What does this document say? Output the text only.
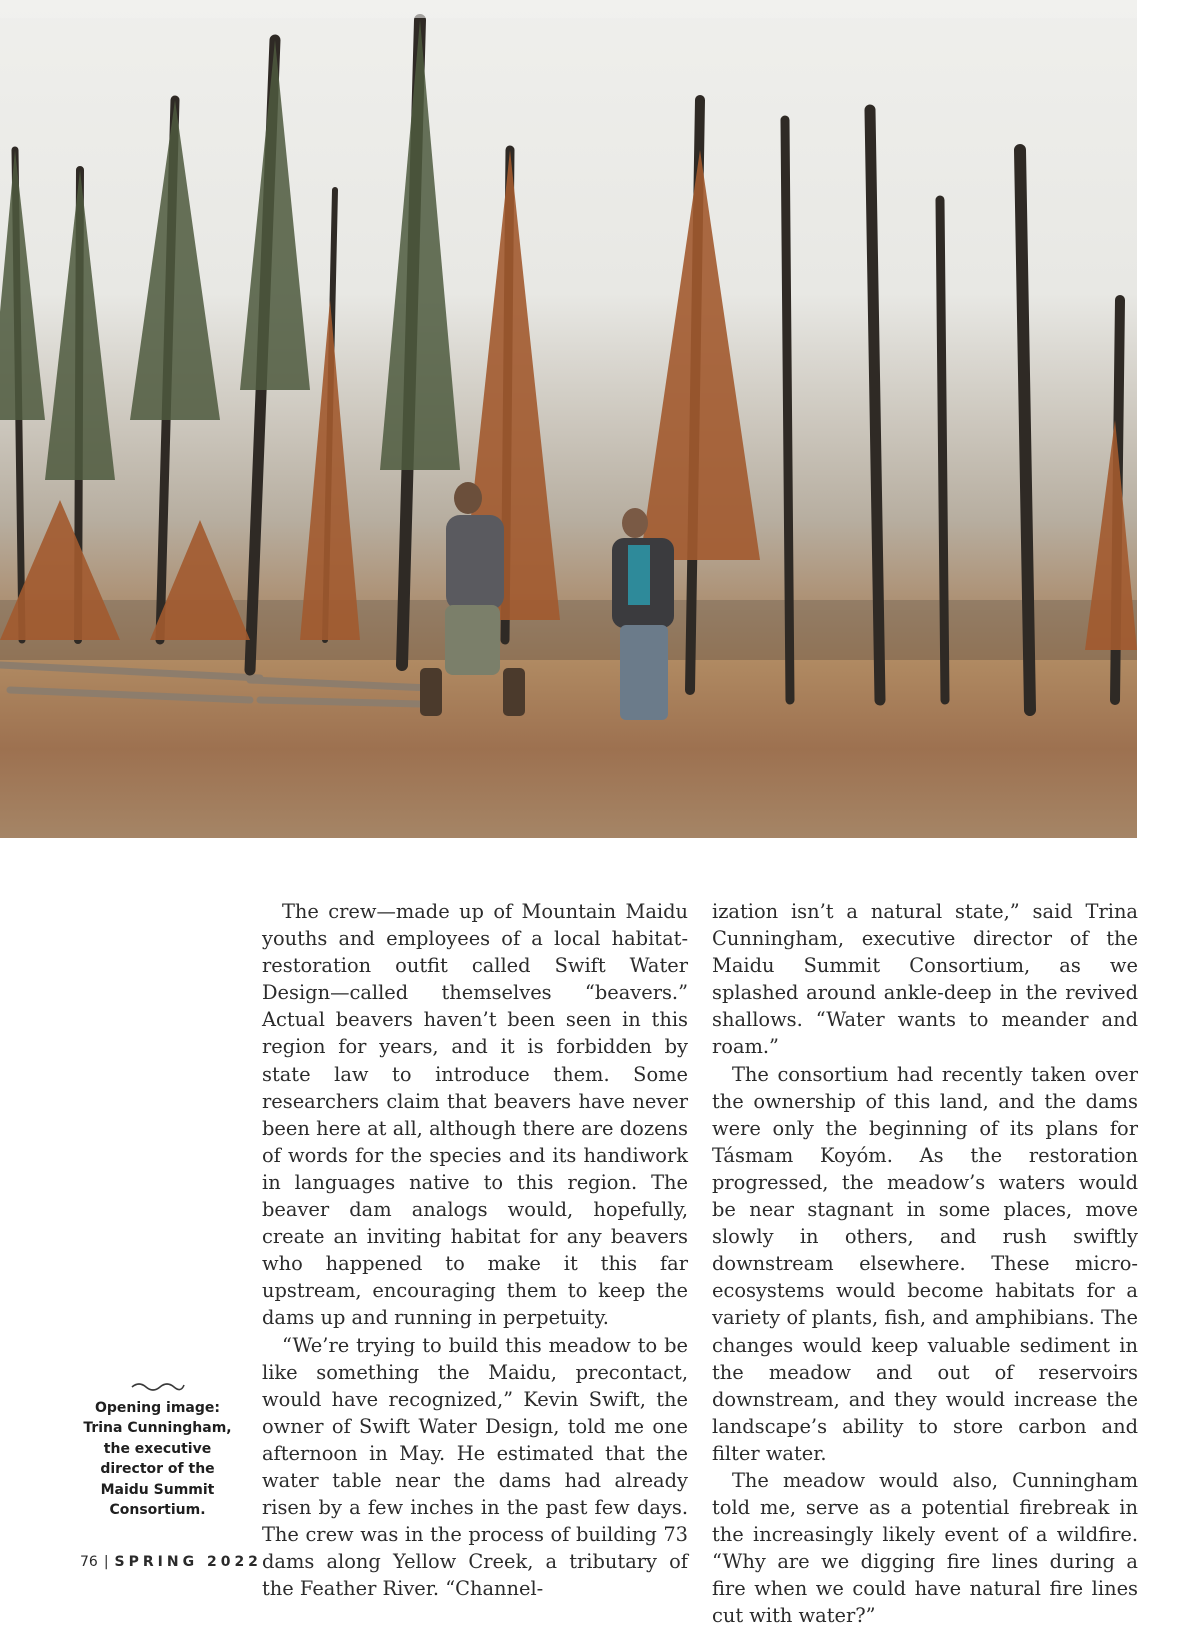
The crew—made up of Mountain Maidu youths and employees of a local habitat-restoration outfit called Swift Water Design—called themselves “beavers.” Actual beavers haven’t been seen in this region for years, and it is forbidden by state law to introduce them. Some researchers claim that beavers have never been here at all, although there are dozens of words for the species and its handiwork in languages native to this region. The beaver dam analogs would, hopefully, create an inviting habitat for any beavers who happened to make it this far upstream, encouraging them to keep the dams up and running in perpetuity.

“We’re trying to build this meadow to be like something the Maidu, precontact, would have recognized,” Kevin Swift, the owner of Swift Water Design, told me one afternoon in May. He estimated that the water table near the dams had already risen by a few inches in the past few days. The crew was in the process of building 73 dams along Yellow Creek, a tributary of the Feather River. “Channel-

ization isn’t a natural state,” said Trina Cunningham, executive director of the Maidu Summit Consortium, as we splashed around ankle-deep in the revived shallows. “Water wants to meander and roam.”

The consortium had recently taken over the ownership of this land, and the dams were only the beginning of its plans for Tásmam Koyóm. As the restoration progressed, the meadow’s waters would be near stagnant in some places, move slowly in others, and rush swiftly downstream elsewhere. These micro-ecosystems would become habitats for a variety of plants, fish, and amphibians. The changes would keep valuable sediment in the meadow and out of reservoirs downstream, and they would increase the landscape’s ability to store carbon and filter water.

The meadow would also, Cunningham told me, serve as a potential firebreak in the increasingly likely event of a wildfire. “Why are we digging fire lines during a fire when we could have natural fire lines cut with water?”

Opening image: Trina Cunningham, the executive director of the Maidu Summit Consortium.
76 | SPRING 2022
